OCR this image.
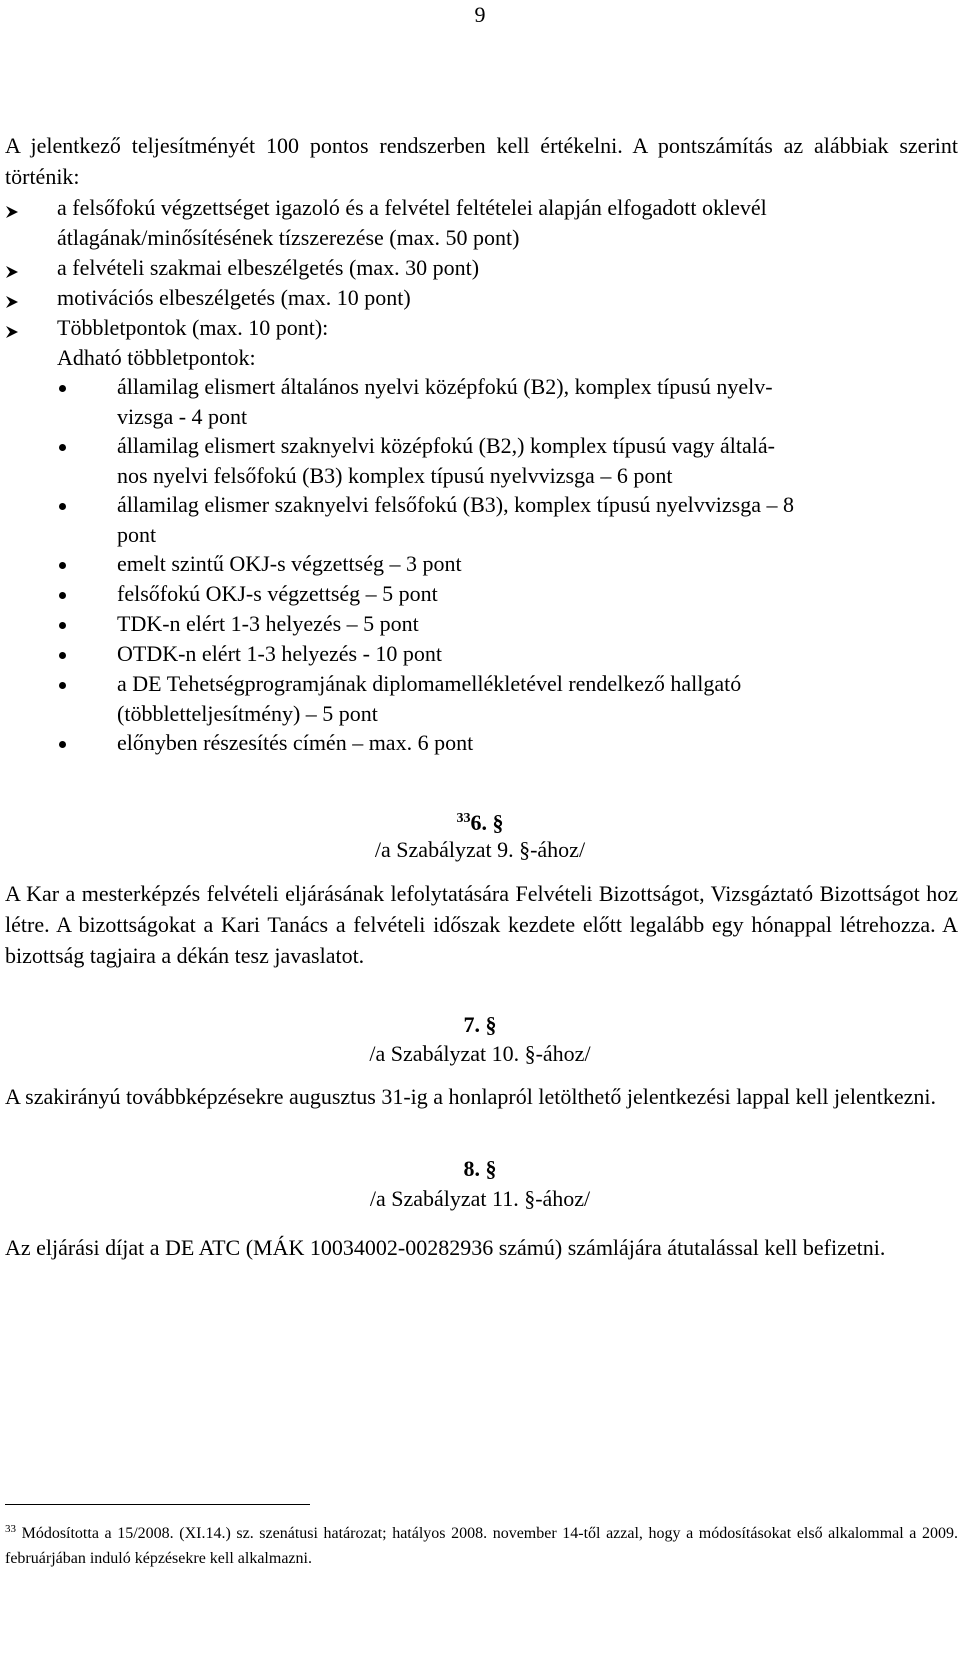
9

A jelentkező teljesítményét 100 pontos rendszerben kell értékelni. A pontszámítás az alábbiak szerint történik:

a felsőfokú végzettséget igazoló és a felvétel feltételei alapján elfogadott oklevél
átlagának/minősítésének tízszerezése (max. 50 pont)
a felvételi szakmai elbeszélgetés (max. 30 pont)
motivációs elbeszélgetés (max. 10 pont)
Többletpontok (max. 10 pont):
Adható többletpontok:
államilag elismert általános nyelvi középfokú (B2), komplex típusú nyelv-
vizsga - 4 pont
államilag elismert szaknyelvi középfokú (B2,) komplex típusú vagy általá-
nos nyelvi felsőfokú (B3) komplex típusú nyelvvizsga – 6 pont
államilag elismer szaknyelvi felsőfokú (B3), komplex típusú nyelvvizsga – 8
pont
emelt szintű OKJ-s végzettség – 3 pont
felsőfokú OKJ-s végzettség – 5 pont
TDK-n elért 1-3 helyezés – 5 pont
OTDK-n elért 1-3 helyezés - 10 pont
a DE Tehetségprogramjának diplomamellékletével rendelkező hallgató
(többletteljesítmény) – 5 pont
előnyben részesítés címén – max. 6 pont
$^{33}$6. §
/a Szabályzat 9. §-ához/

A Kar a mesterképzés felvételi eljárásának lefolytatására Felvételi Bizottságot, Vizsgáztató Bizottságot hoz létre. A bizottságokat a Kari Tanács a felvételi időszak kezdete előtt legalább egy hónappal létrehozza. A bizottság tagjaira a dékán tesz javaslatot.

7. §
/a Szabályzat 10. §-ához/

A szakirányú továbbképzésekre augusztus 31-ig a honlapról letölthető jelentkezési lappal kell jelentkezni.

8. §
/a Szabályzat 11. §-ához/

Az eljárási díjat a DE ATC (MÁK 10034002-00282936 számú) számlájára átutalással kell befizetni.

$^{33}$ Módosította a 15/2008. (XI.14.) sz. szenátusi határozat; hatályos 2008. november 14-től azzal, hogy a módosításokat első alkalommal a 2009. februárjában induló képzésekre kell alkalmazni.
